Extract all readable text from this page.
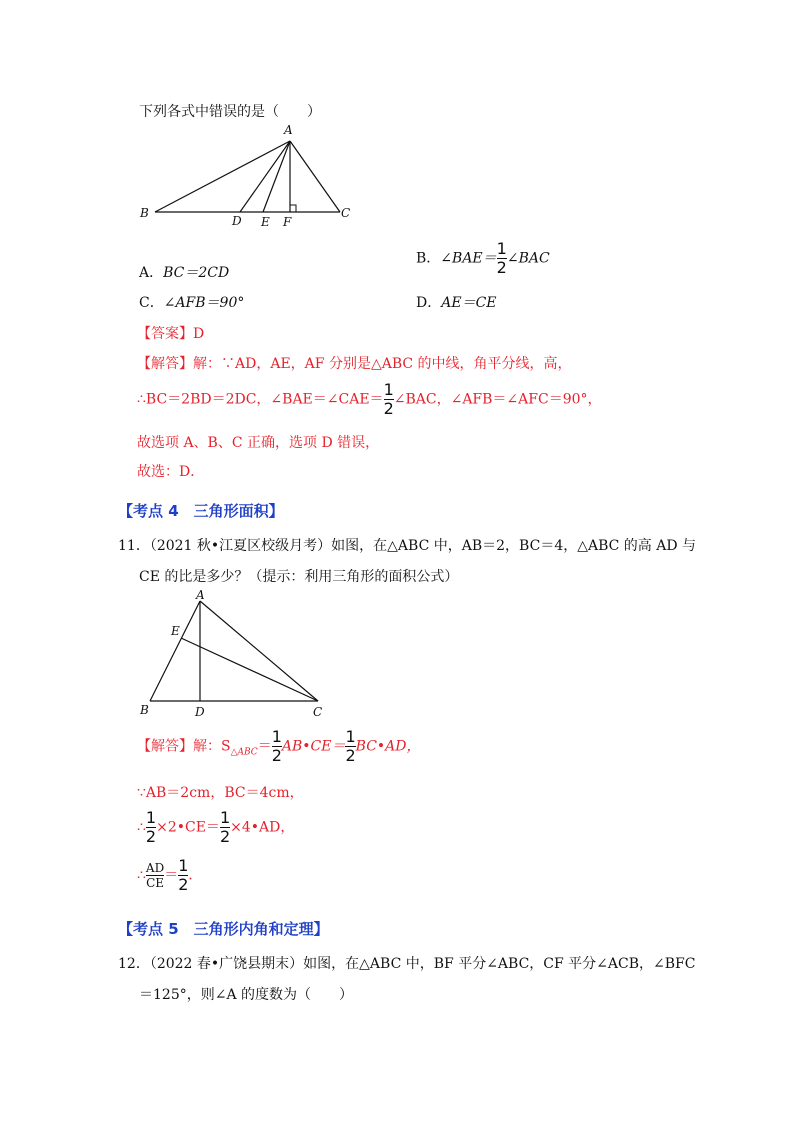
下列各式中错误的是（　　）
A
B	C
D E F
A．BC＝2CD
B．∠BAE＝ $\frac{1}{2}$ ∠BAC
C．∠AFB＝90°	D．AE＝CE
【答案】D
【解答】解：∵AD，AE，AF 分别是△ABC 的中线，角平分线，高，
∴BC＝2BD＝2DC，∠BAE＝∠CAE＝ $\frac{1}{2}$ ∠BAC，∠AFB＝∠AFC＝90°，
故选项 A、B、C 正确，选项 D 错误，
故选：D．
【考点 4　三角形面积】
11．（2021 秋•江夏区校级月考）如图，在△ABC 中，AB＝2，BC＝4，△ABC 的高 AD 与
CE 的比是多少？（提示：利用三角形的面积公式）
A
B	C
D
E
【解答】解：$S_{\triangle ABC}= \frac{1}{2}$ AB•CE＝ $\frac{1}{2}$ BC•AD，
∵AB＝2cm，BC＝4cm，
∴ $\frac{1}{2}$ ×2•CE＝ $\frac{1}{2}$ ×4•AD，
∴ $\frac{AD}{CE} = \frac{1}{2}$ ．
【考点 5　三角形内角和定理】
12．（2022 春•广饶县期末）如图，在△ABC 中，BF 平分∠ABC，CF 平分∠ACB，∠BFC
＝125°，则∠A 的度数为（　　）
